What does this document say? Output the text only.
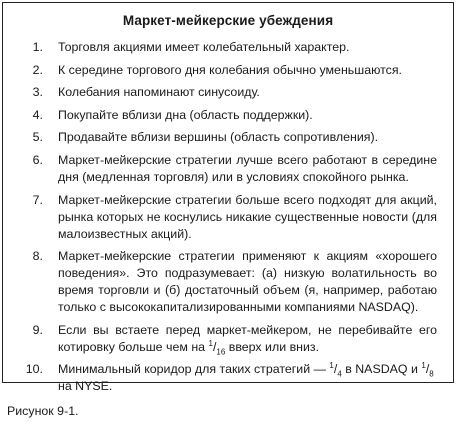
Маркет-мейкерские убеждения
1. Торговля акциями имеет колебательный характер.
2. К середине торгового дня колебания обычно уменьшаются.
3. Колебания напоминают синусоиду.
4. Покупайте вблизи дна (область поддержки).
5. Продавайте вблизи вершины (область сопротивления).
6. Маркет-мейкерские стратегии лучше всего работают в середине дня (медленная торговля) или в условиях спокойного рынка.
7. Маркет-мейкерские стратегии больше всего подходят для акций, рынка которых не коснулись никакие существенные новости (для малоизвестных акций).
8. Маркет-мейкерские стратегии применяют к акциям «хорошего поведения». Это подразумевает: (а) низкую волатильность во время торговли и (б) достаточный объем (я, например, работаю только с высококапитализированными компаниями NASDAQ).
9. Если вы встаете перед маркет-мейкером, не перебивайте его котировку больше чем на $^1/_{16}$ вверх или вниз.
10. Минимальный коридор для таких стратегий — $^1/_4$ в NASDAQ и $^1/_8$ на NYSE.
Рисунок 9-1.
